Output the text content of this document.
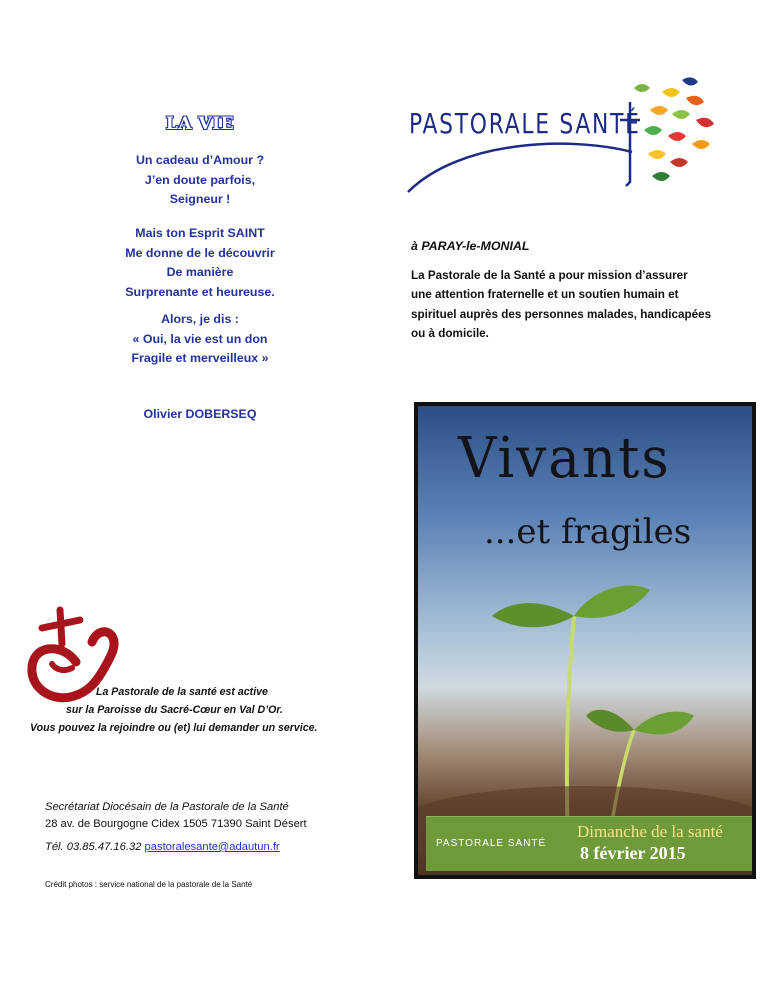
LA VIE
Un cadeau d’Amour ?
J’en doute parfois,
Seigneur !
Mais ton Esprit SAINT
Me donne de le découvrir
De manière
Surprenante et heureuse.
Alors, je dis :
« Oui, la vie est un don
Fragile et merveilleux »
Olivier DOBERSEQ
La Pastorale de la santé est active
sur la Paroisse du Sacré-Cœur en Val D’Or.
Vous pouvez la rejoindre ou (et) lui demander un service.
Secrétariat Diocésain de la Pastorale de la Santé
28 av. de Bourgogne Cidex 1505 71390 Saint Désert
Tél. 03.85.47.16.32 pastoralesante@adautun.fr
Crédit photos : service national de la pastorale de la Santé
PASTORALE SANTÉ
à PARAY-le-MONIAL
La Pastorale de la Santé a pour mission d’assurer
une attention fraternelle et un soutien humain et
spirituel auprès des personnes malades, handicapées
ou à domicile.
Vivants
...et fragiles
PASTORALE SANTÉ
Dimanche de la santé
8 février 2015
